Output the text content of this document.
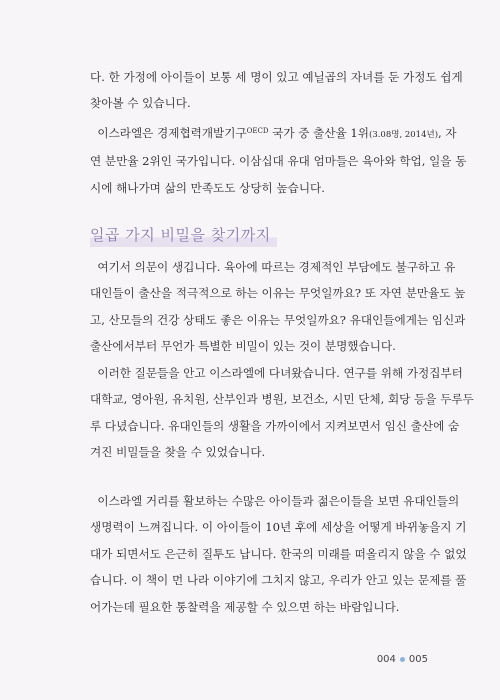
다. 한 가정에 아이들이 보통 세 명이 있고 예닐곱의 자녀를 둔 가정도 쉽게
찾아볼 수 있습니다.

이스라엘은 경제협력개발기구$^{OECD}$ 국가 중 출산율 1위(3.08명, 2014년), 자
연 분만율 2위인 국가입니다. 이삼십대 유대 엄마들은 육아와 학업, 일을 동
시에 해나가며 삶의 만족도도 상당히 높습니다.

일곱 가지 비밀을 찾기까지

여기서 의문이 생깁니다. 육아에 따르는 경제적인 부담에도 불구하고 유
대인들이 출산을 적극적으로 하는 이유는 무엇일까요? 또 자연 분만율도 높
고, 산모들의 건강 상태도 좋은 이유는 무엇일까요? 유대인들에게는 임신과
출산에서부터 무언가 특별한 비밀이 있는 것이 분명했습니다.

이러한 질문들을 안고 이스라엘에 다녀왔습니다. 연구를 위해 가정집부터
대학교, 영아원, 유치원, 산부인과 병원, 보건소, 시민 단체, 회당 등을 두루두
루 다녔습니다. 유대인들의 생활을 가까이에서 지켜보면서 임신 출산에 숨
겨진 비밀들을 찾을 수 있었습니다.

이스라엘 거리를 활보하는 수많은 아이들과 젊은이들을 보면 유대인들의
생명력이 느껴집니다. 이 아이들이 10년 후에 세상을 어떻게 바뀌놓을지 기
대가 되면서도 은근히 질투도 납니다. 한국의 미래를 떠올리지 않을 수 없었
습니다. 이 책이 먼 나라 이야기에 그치지 않고, 우리가 안고 있는 문제를 풀
어가는데 필요한 통찰력을 제공할 수 있으면 하는 바람입니다.

004 005
